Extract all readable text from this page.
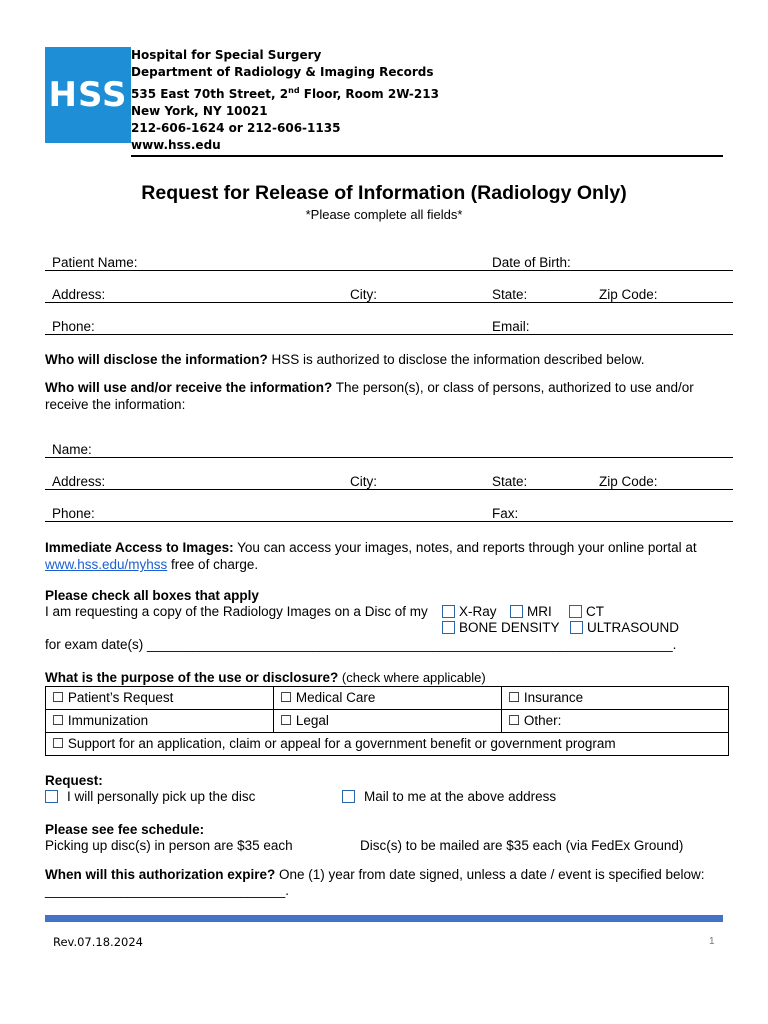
HSS
Hospital for Special Surgery
Department of Radiology & Imaging Records
535 East 70th Street, 2nd Floor, Room 2W-213
New York, NY 10021
212-606-1624 or 212-606-1135
www.hss.edu
Request for Release of Information (Radiology Only)
*Please complete all fields*
Patient Name:	Date of Birth:
Address:	City:	State:	Zip Code:
Phone:	Email:
Who will disclose the information? HSS is authorized to disclose the information described below.
Who will use and/or receive the information? The person(s), or class of persons, authorized to use and/or receive the information:
Name:
Address:	City:	State:	Zip Code:
Phone:	Fax:
Immediate Access to Images: You can access your images, notes, and reports through your online portal at www.hss.edu/myhss free of charge.
Please check all boxes that apply
I am requesting a copy of the Radiology Images on a Disc of my	X-Ray	MRI	CT
BONE DENSITY	ULTRASOUND
for exam date(s) ______________________________________________________________________.
What is the purpose of the use or disclosure? (check where applicable)
☐ Patient’s Request	☐ Medical Care	☐ Insurance
☐ Immunization	☐ Legal	☐ Other:
☐ Support for an application, claim or appeal for a government benefit or government program		
Request:
I will personally pick up the disc	Mail to me at the above address
Please see fee schedule:
Picking up disc(s) in person are $35 each	Disc(s) to be mailed are $35 each (via FedEx Ground)
When will this authorization expire? One (1) year from date signed, unless a date / event is specified below:
________________________________.
Rev.07.18.2024	1
